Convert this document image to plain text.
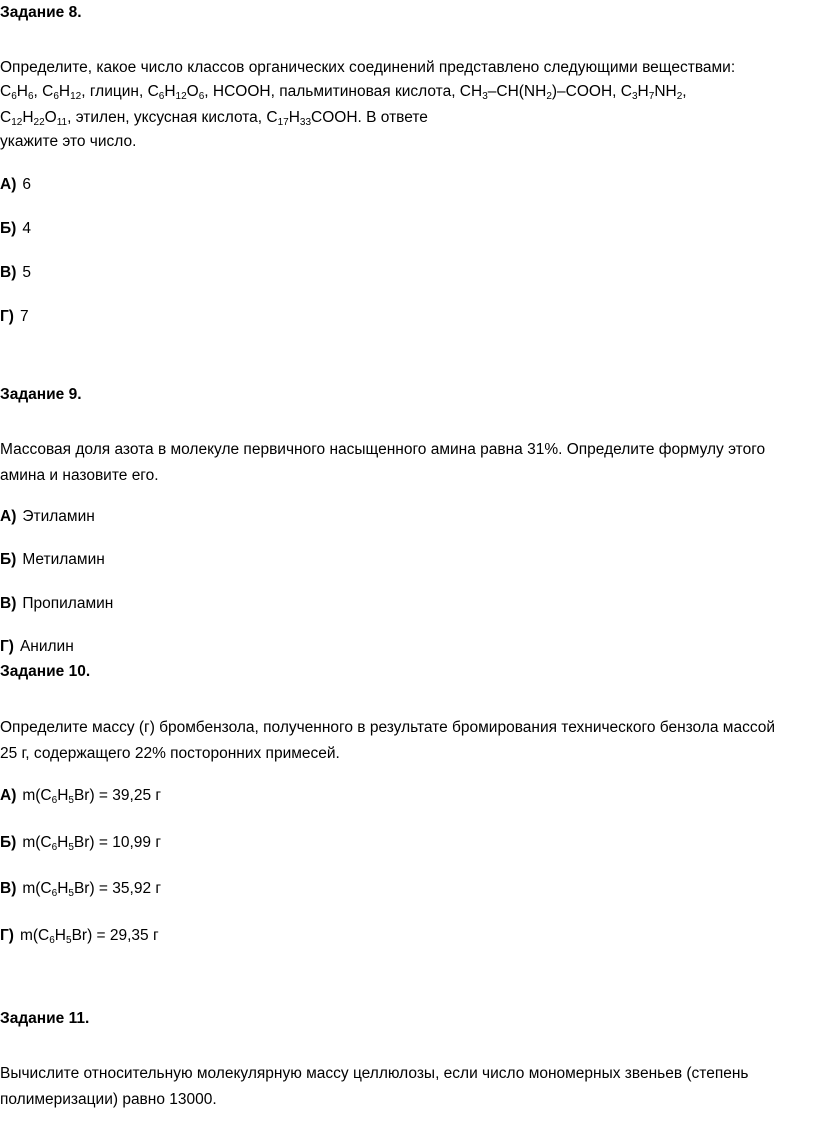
Задание 8.
Определите, какое число классов органических соединений представлено следующими веществами:
$C_6H_6$, $C_6H_{12}$, глицин, $C_6H_{12}O_6$, HCOOH, пальмитиновая кислота, $CH_3-CH(NH_2)$–COOH, $C_3H_7NH_2$,
$C_{12}H_{22}O_{11}$, этилен, уксусная кислота, $C_{17}H_{33}COOH$. В ответе
укажите это число.
А) 6
Б) 4
В) 5
Г) 7
Задание 9.
Массовая доля азота в молекуле первичного насыщенного амина равна 31%. Определите формулу этого
амина и назовите его.
А) Этиламин
Б) Метиламин
В) Пропиламин
Г) Анилин
Задание 10.
Определите массу (г) бромбензола, полученного в результате бромирования технического бензола массой
25 г, содержащего 22% посторонних примесей.
А) $m(C_6H_5Br) = 39,25$ г
Б) $m(C_6H_5Br) = 10,99$ г
В) $m(C_6H_5Br) = 35,92$ г
Г) $m(C_6H_5Br) = 29,35$ г
Задание 11.
Вычислите относительную молекулярную массу целлюлозы, если число мономерных звеньев (степень
полимеризации) равно 13000.
